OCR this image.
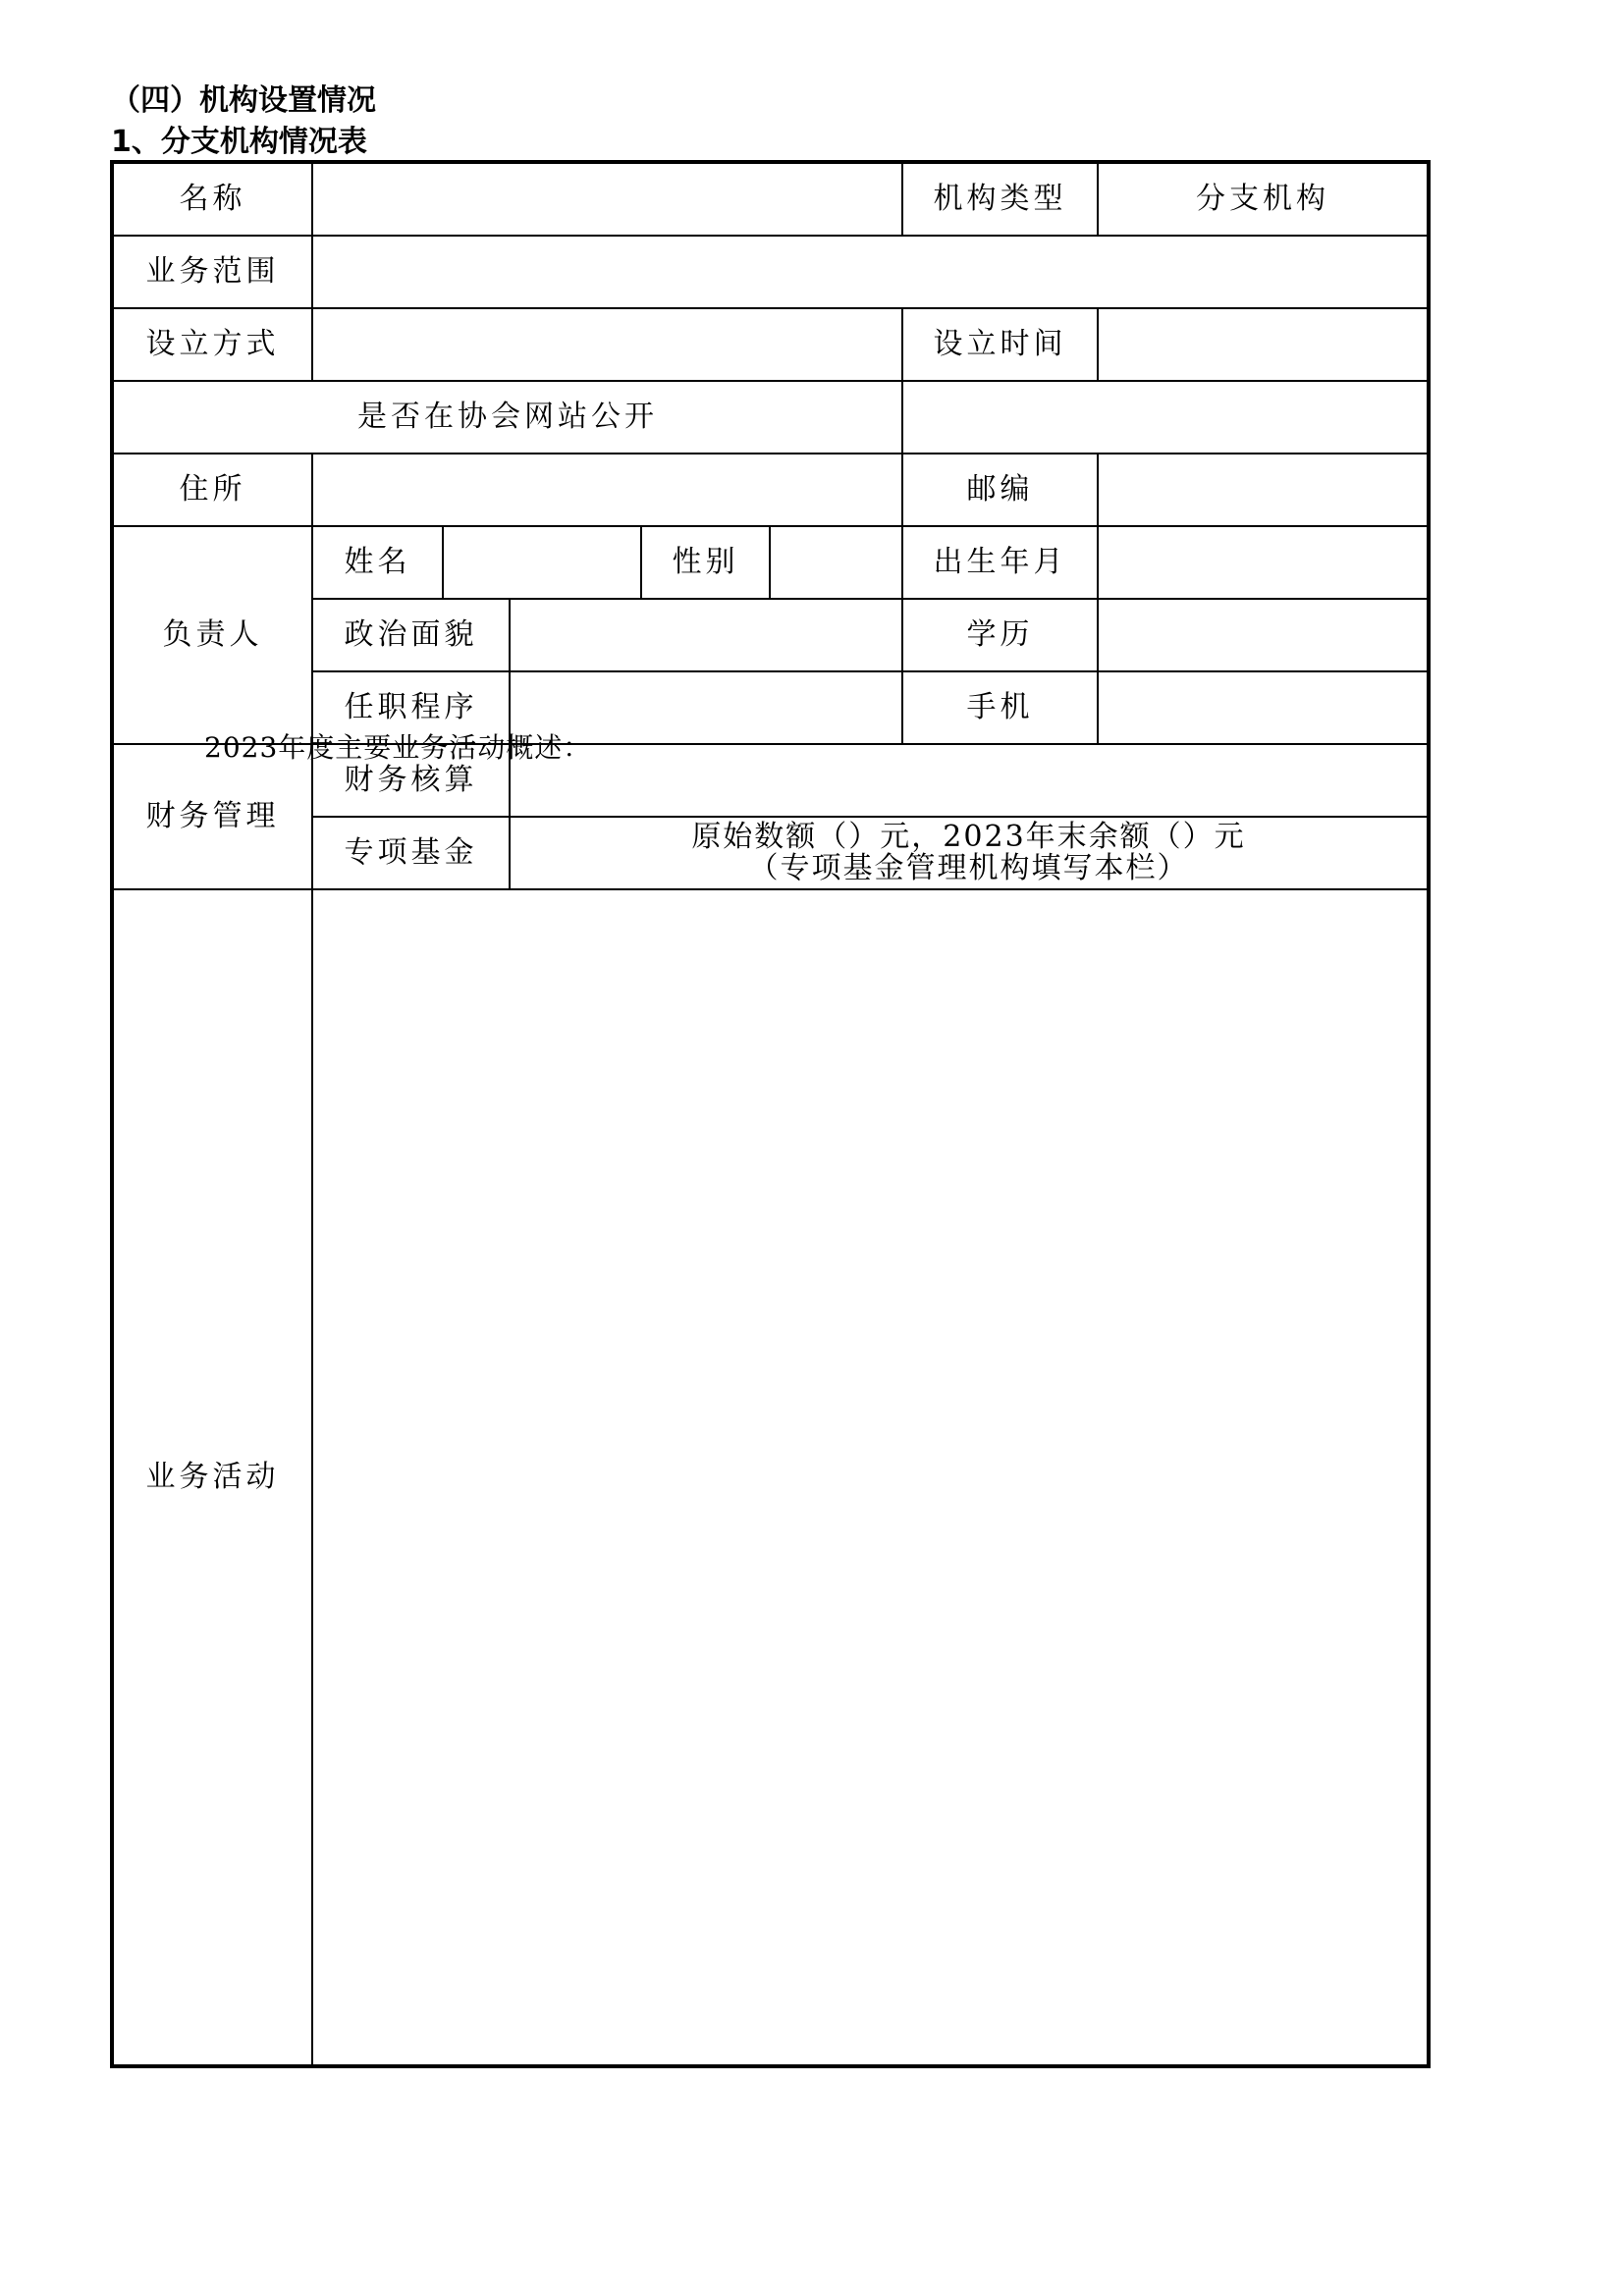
（四）机构设置情况
1、分支机构情况表
名称	机构类型	分支机构
业务范围
设立方式	设立时间
是否在协会网站公开
住所	邮编
负责人
姓名	性别	出生年月
政治面貌	学历
任职程序	手机
财务管理
财务核算
专项基金	原始数额（）元，2023年末余额（）元
（专项基金管理机构填写本栏）
业务活动
2023年度主要业务活动概述：
